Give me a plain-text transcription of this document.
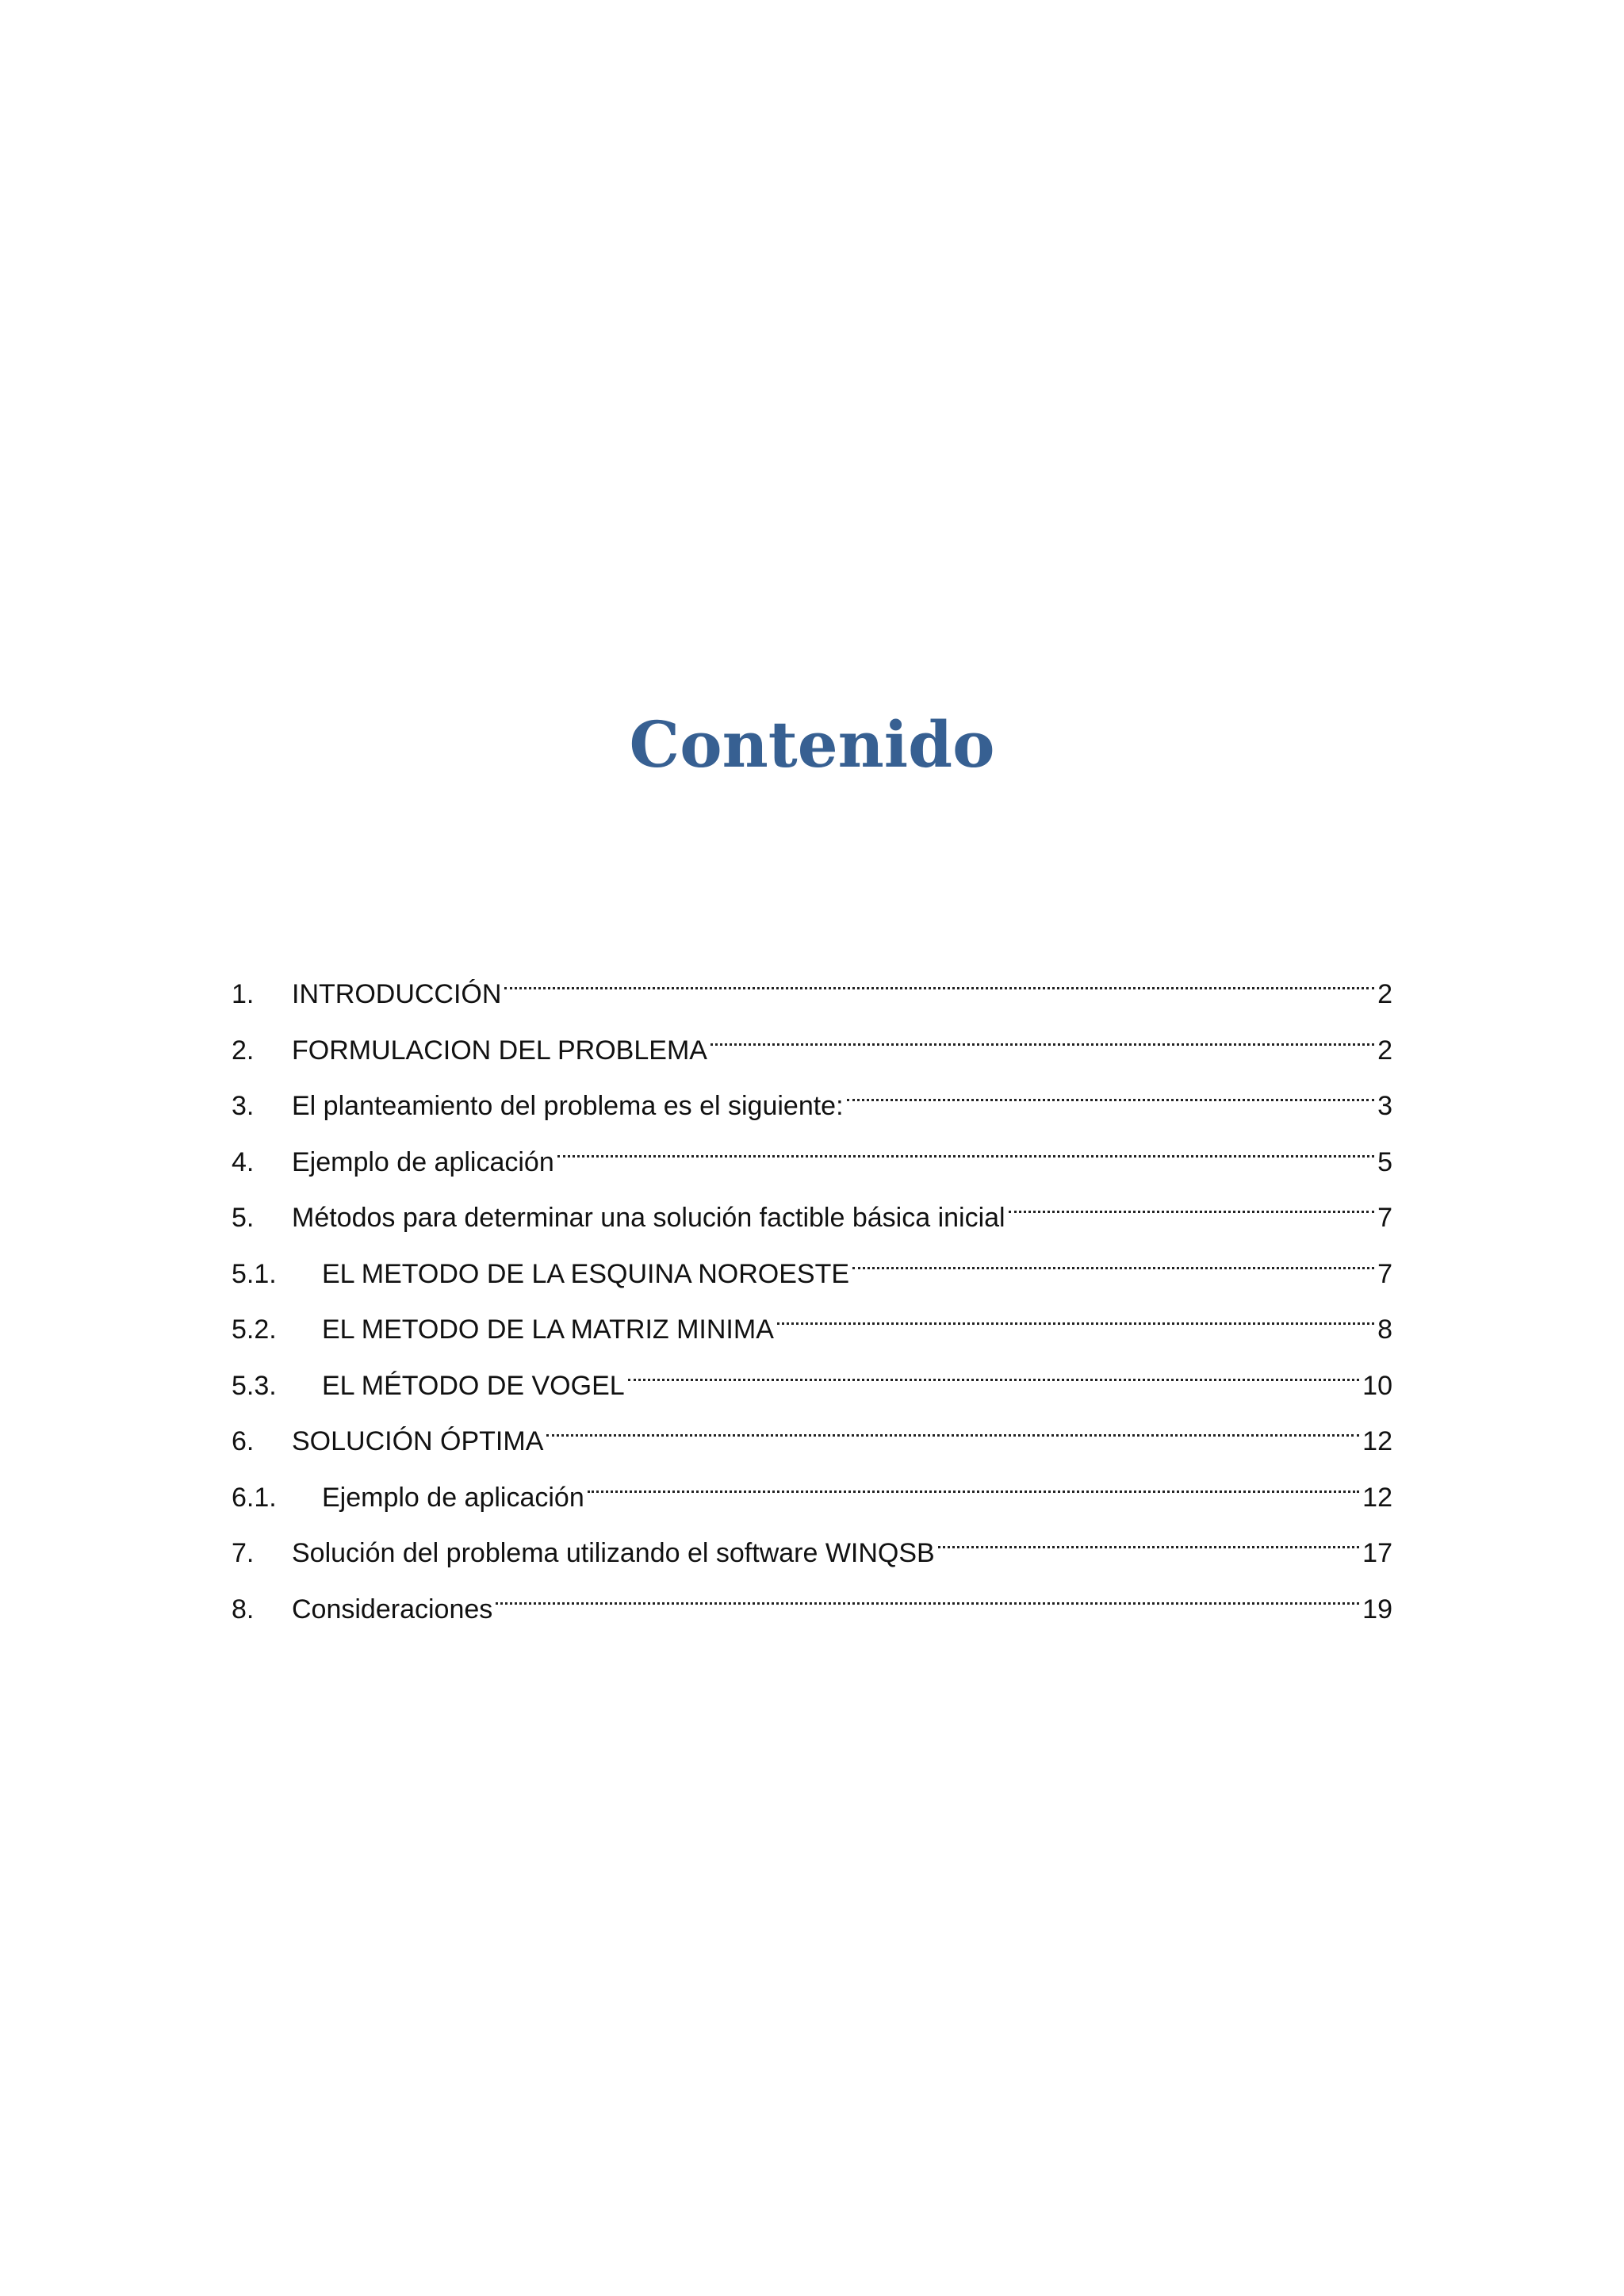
Contenido
1.	INTRODUCCIÓN	2
2.	FORMULACION DEL PROBLEMA	2
3.	El planteamiento del problema es el siguiente:	3
4.	Ejemplo de aplicación	5
5.	Métodos para determinar una solución factible básica inicial	7
5.1.	EL METODO DE LA ESQUINA NOROESTE	7
5.2.	EL METODO DE LA MATRIZ MINIMA	8
5.3.	EL MÉTODO DE VOGEL	10
6.	SOLUCIÓN ÓPTIMA	12
6.1.	Ejemplo de aplicación	12
7.	Solución del problema utilizando el software WINQSB	17
8.	Consideraciones	19
